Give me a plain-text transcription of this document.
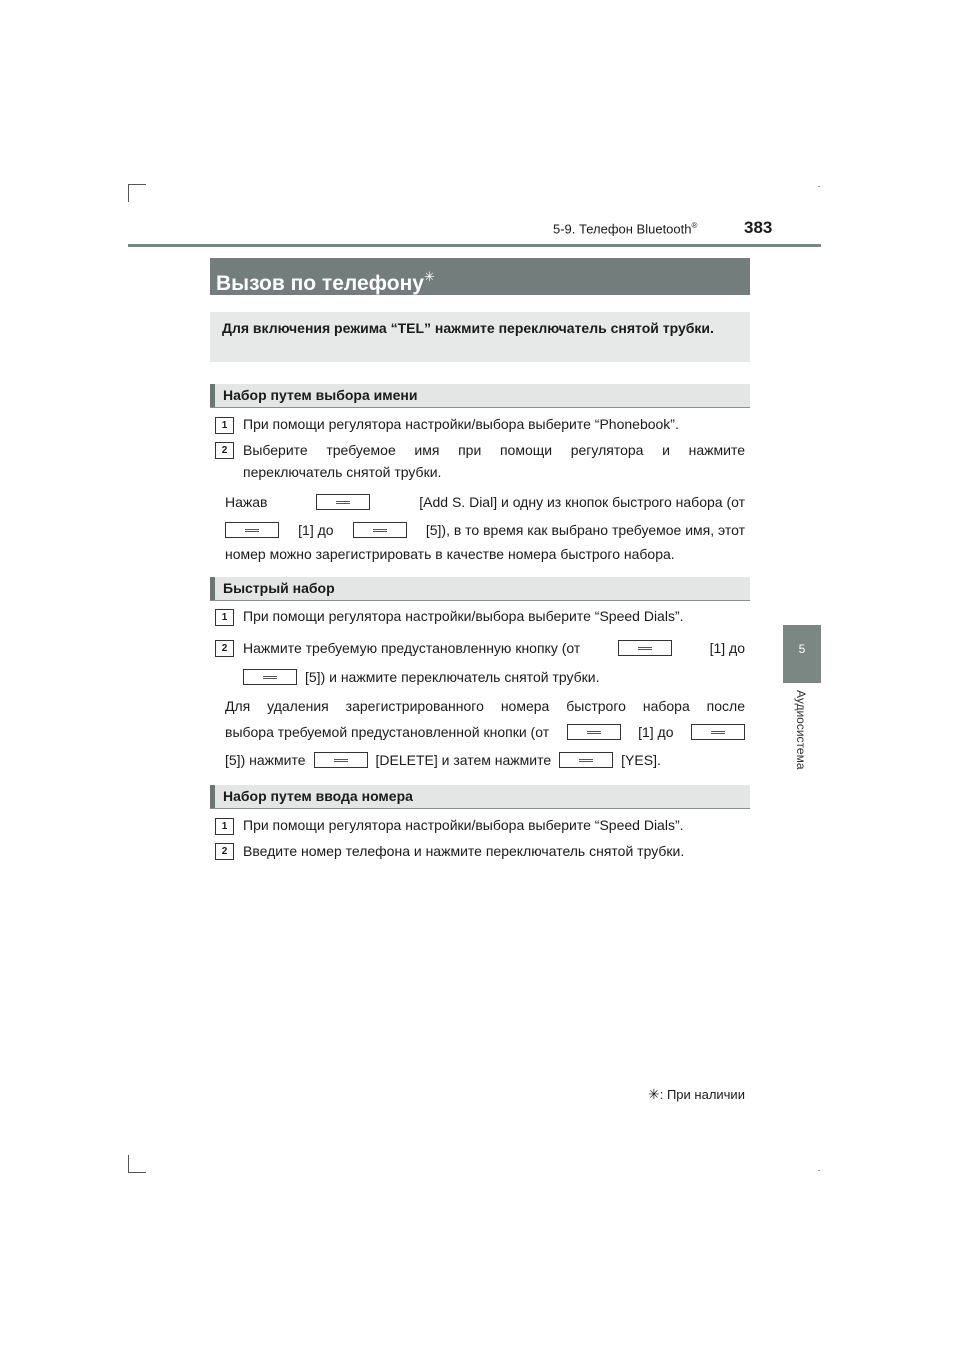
5-9. Телефон Bluetooth®	383
5
Аудиосистема
Вызов по телефону✳
Для включения режима “TEL” нажмите переключатель снятой трубки.
Набор путем выбора имени
1	При помощи регулятора настройки/выбора выберите “Phonebook”.
2	Выберите требуемое имя при помощи регулятора и нажмите
переключатель снятой трубки.
Нажав	[Add S. Dial] и одну из кнопок быстрого набора (от
[1] до	[5]), в то время как выбрано требуемое имя, этот
номер можно зарегистрировать в качестве номера быстрого набора.
Быстрый набор
1	При помощи регулятора настройки/выбора выберите “Speed Dials”.
2	Нажмите требуемую предустановленную кнопку (от	[1] до
[5]) и нажмите переключатель снятой трубки.
Для удаления зарегистрированного номера быстрого набора после
выбора требуемой предустановленной кнопки (от	[1] до
[5]) нажмите	[DELETE] и затем нажмите	[YES].
Набор путем ввода номера
1	При помощи регулятора настройки/выбора выберите “Speed Dials”.
2	Введите номер телефона и нажмите переключатель снятой трубки.
✳: При наличии
